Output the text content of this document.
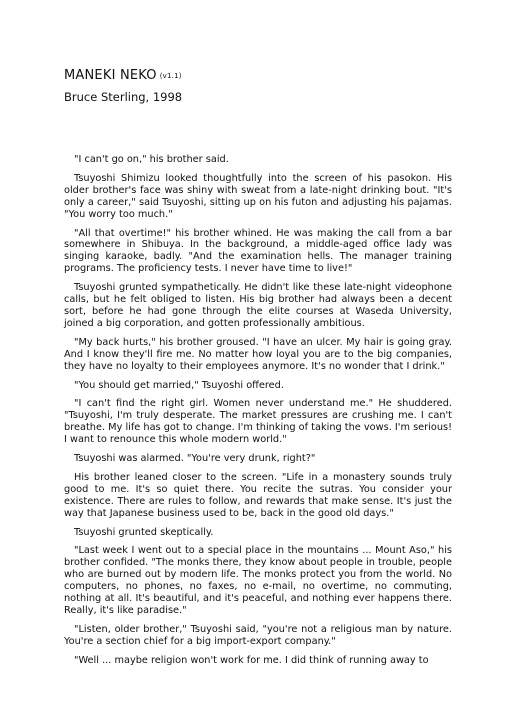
MANEKI NEKO (v1.1)
Bruce Sterling, 1998

"I can't go on," his brother said.

Tsuyoshi Shimizu looked thoughtfully into the screen of his pasokon. His older brother's face was shiny with sweat from a late-night drinking bout. "It's only a career," said Tsuyoshi, sitting up on his futon and adjusting his pajamas. "You worry too much."

"All that overtime!" his brother whined. He was making the call from a bar somewhere in Shibuya. In the background, a middle-aged office lady was singing karaoke, badly. "And the examination hells. The manager training programs. The proficiency tests. I never have time to live!"

Tsuyoshi grunted sympathetically. He didn't like these late-night videophone calls, but he felt obliged to listen. His big brother had always been a decent sort, before he had gone through the elite courses at Waseda University, joined a big corporation, and gotten professionally ambitious.

"My back hurts," his brother groused. "I have an ulcer. My hair is going gray. And I know they'll fire me. No matter how loyal you are to the big companies, they have no loyalty to their employees anymore. It's no wonder that I drink."

"You should get married," Tsuyoshi offered.

"I can't find the right girl. Women never understand me." He shuddered. "Tsuyoshi, I'm truly desperate. The market pressures are crushing me. I can't breathe. My life has got to change. I'm thinking of taking the vows. I'm serious! I want to renounce this whole modern world."

Tsuyoshi was alarmed. "You're very drunk, right?"

His brother leaned closer to the screen. "Life in a monastery sounds truly good to me. It's so quiet there. You recite the sutras. You consider your existence. There are rules to follow, and rewards that make sense. It's just the way that Japanese business used to be, back in the good old days."

Tsuyoshi grunted skeptically.

"Last week I went out to a special place in the mountains ... Mount Aso," his brother confided. "The monks there, they know about people in trouble, people who are burned out by modern life. The monks protect you from the world. No computers, no phones, no faxes, no e-mail, no overtime, no commuting, nothing at all. It's beautiful, and it's peaceful, and nothing ever happens there. Really, it's like paradise."

"Listen, older brother," Tsuyoshi said, "you're not a religious man by nature. You're a section chief for a big import-export company."

"Well ... maybe religion won't work for me. I did think of running away to
